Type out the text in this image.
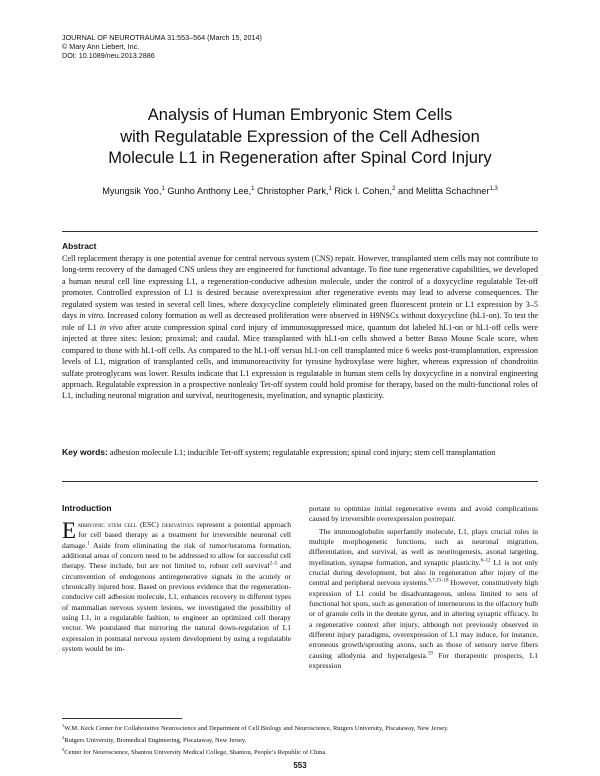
JOURNAL OF NEUROTRAUMA 31:553–564 (March 15, 2014)
© Mary Ann Liebert, Inc.
DOI: 10.1089/neu.2013.2886
Analysis of Human Embryonic Stem Cells
with Regulatable Expression of the Cell Adhesion
Molecule L1 in Regeneration after Spinal Cord Injury
Myungsik Yoo,$^1$ Gunho Anthony Lee,$^1$ Christopher Park,$^1$ Rick I. Cohen,$^2$ and Melitta Schachner$^{1,3}$
Abstract
Cell replacement therapy is one potential avenue for central nervous system (CNS) repair. However, transplanted stem cells may not contribute to long-term recovery of the damaged CNS unless they are engineered for functional advantage. To fine tune regenerative capabilities, we developed a human neural cell line expressing L1, a regeneration-conducive adhesion molecule, under the control of a doxycycline regulatable Tet-off promoter. Controlled expression of L1 is desired because overexpression after regenerative events may lead to adverse consequences. The regulated system was tested in several cell lines, where doxycycline completely eliminated green fluorescent protein or L1 expression by 3–5 days in vitro. Increased colony formation as well as decreased proliferation were observed in H9NSCs without doxycycline (hL1-on). To test the role of L1 in vivo after acute compression spinal cord injury of immunosuppressed mice, quantum dot labeled hL1-on or hL1-off cells were injected at three sites: lesion; proximal; and caudal. Mice transplanted with hL1-on cells showed a better Basso Mouse Scale score, when compared to those with hL1-off cells. As compared to the hL1-off versus hL1-on cell transplanted mice 6 weeks post-transplantation, expression levels of L1, migration of transplanted cells, and immunoreactivity for tyrosine hydroxylase were higher, whereas expression of chondroitin sulfate proteoglycans was lower. Results indicate that L1 expression is regulatable in human stem cells by doxycycline in a nonviral engineering approach. Regulatable expression in a prospective nonleaky Tet-off system could hold promise for therapy, based on the multi-functional roles of L1, including neuronal migration and survival, neuritogenesis, myelination, and synaptic plasticity.
Key words: adhesion molecule L1; inducible Tet-off system; regulatable expression; spinal cord injury; stem cell transplantation
Introduction

Embryonic stem cell (ESC) derivatives represent a potential approach for cell based therapy as a treatment for irreversible neuronal cell damage.$^1$ Aside from eliminating the risk of tumor/teratoma formation, additional areas of concern need to be addressed to allow for successful cell therapy. These include, but are not limited to, robust cell survival$^{2-5}$ and circumvention of endogenous antiregenerative signals in the acutely or chronically injured host. Based on previous evidence that the regeneration-conducive cell adhesion molecule, L1, enhances recovery in different types of mammalian nervous system lesions, we investigated the possibility of using L1, in a regulatable fashion, to engineer an optimized cell therapy vector. We postulated that mirroring the natural down-regulation of L1 expression in postnatal nervous system development by using a regulatable system would be im-

portant to optimize initial regenerative events and avoid complications caused by irreversible overexpression postrepair.

The immunoglobulin superfamily molecule, L1, plays crucial roles in multiple morphogenetic functions, such as neuronal migration, differentiation, and survival, as well as neuritogenesis, axonal targeting, myelination, synapse formation, and synaptic plasticity.$^{6-12}$ L1 is not only crucial during development, but also in regeneration after injury of the central and peripheral nervous systems.$^{6,7,13-18}$ However, constitutively high expression of L1 could be disadvantageous, unless limited to sets of functional hot spots, such as generation of interneurons in the olfactory bulb or of granule cells in the dentate gyrus, and in altering synaptic efficacy. In a regenerative context after injury, although not previously observed in different injury paradigms, overexpression of L1 may induce, for instance, erroneous growth/sprouting axons, such as those of sensory nerve fibers causing allodynia and hyperalgesia.$^{19}$ For therapeutic prospects, L1 expression

$^1$W.M. Keck Center for Collaborative Neuroscience and Department of Cell Biology and Neuroscience, Rutgers University, Piscataway, New Jersey.
$^2$Rutgers University, Biomedical Engineering, Piscataway, New Jersey.
$^3$Center for Neuroscience, Shantou University Medical College, Shantou, People’s Republic of China.
553
